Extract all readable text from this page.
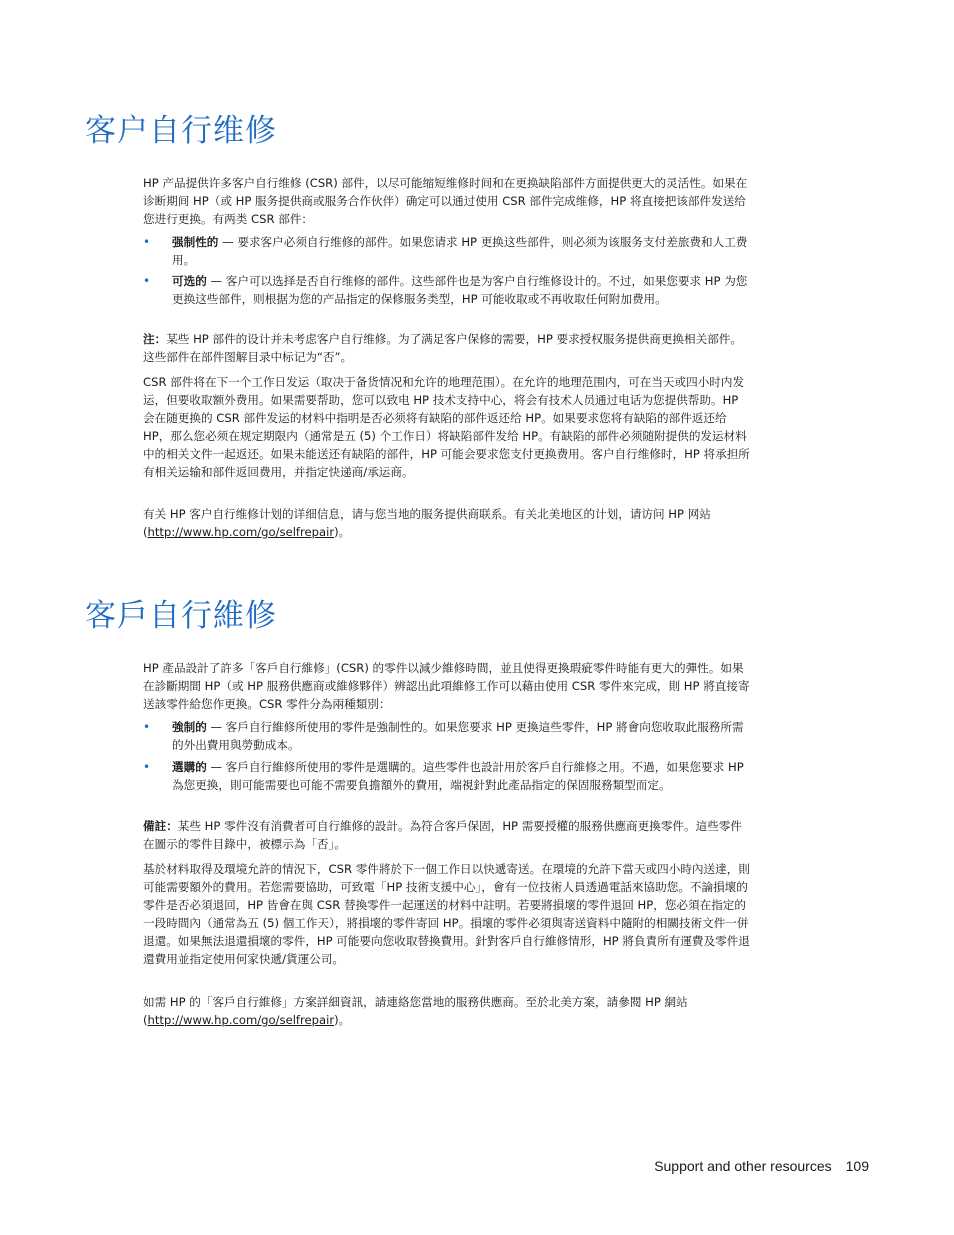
客户自行维修

HP 产品提供许多客户自行维修 (CSR) 部件，以尽可能缩短维修时间和在更换缺陷部件方面提供更大的灵活性。如果在诊断期间 HP（或 HP 服务提供商或服务合作伙伴）确定可以通过使用 CSR 部件完成维修，HP 将直接把该部件发送给您进行更换。有两类 CSR 部件：

• 强制性的 — 要求客户必须自行维修的部件。如果您请求 HP 更换这些部件，则必须为该服务支付差旅费和人工费用。
• 可选的 — 客户可以选择是否自行维修的部件。这些部件也是为客户自行维修设计的。不过，如果您要求 HP 为您更换这些部件，则根据为您的产品指定的保修服务类型，HP 可能收取或不再收取任何附加费用。

注：某些 HP 部件的设计并未考虑客户自行维修。为了满足客户保修的需要，HP 要求授权服务提供商更换相关部件。这些部件在部件图解目录中标记为“否”。

CSR 部件将在下一个工作日发运（取决于备货情况和允许的地理范围）。在允许的地理范围内，可在当天或四小时内发运，但要收取额外费用。如果需要帮助，您可以致电 HP 技术支持中心，将会有技术人员通过电话为您提供帮助。HP 会在随更换的 CSR 部件发运的材料中指明是否必须将有缺陷的部件返还给 HP。如果要求您将有缺陷的部件返还给 HP，那么您必须在规定期限内（通常是五 (5) 个工作日）将缺陷部件发给 HP。有缺陷的部件必须随附提供的发运材料中的相关文件一起返还。如果未能送还有缺陷的部件，HP 可能会要求您支付更换费用。客户自行维修时，HP 将承担所有相关运输和部件返回费用，并指定快递商/承运商。

有关 HP 客户自行维修计划的详细信息，请与您当地的服务提供商联系。有关北美地区的计划，请访问 HP 网站 (http://www.hp.com/go/selfrepair)。

客戶自行維修

HP 產品設計了許多「客戶自行維修」(CSR) 的零件以減少維修時間，並且使得更換瑕疵零件時能有更大的彈性。如果在診斷期間 HP（或 HP 服務供應商或維修夥伴）辨認出此項維修工作可以藉由使用 CSR 零件來完成，則 HP 將直接寄送該零件給您作更換。CSR 零件分為兩種類別：

• 強制的 — 客戶自行維修所使用的零件是強制性的。如果您要求 HP 更換這些零件，HP 將會向您收取此服務所需的外出費用與勞動成本。
• 選購的 — 客戶自行維修所使用的零件是選購的。這些零件也設計用於客戶自行維修之用。不過，如果您要求 HP 為您更換，則可能需要也可能不需要負擔額外的費用，端視針對此產品指定的保固服務類型而定。

備註：某些 HP 零件沒有消費者可自行維修的設計。為符合客戶保固，HP 需要授權的服務供應商更換零件。這些零件在圖示的零件目錄中，被標示為「否」。

基於材料取得及環境允許的情況下，CSR 零件將於下一個工作日以快遞寄送。在環境的允許下當天或四小時內送達，則可能需要額外的費用。若您需要協助，可致電「HP 技術支援中心」，會有一位技術人員透過電話來協助您。不論損壞的零件是否必須退回，HP 皆會在與 CSR 替換零件一起運送的材料中註明。若要將損壞的零件退回 HP，您必須在指定的一段時間內（通常為五 (5) 個工作天），將損壞的零件寄回 HP。損壞的零件必須與寄送資料中隨附的相關技術文件一併退還。如果無法退還損壞的零件，HP 可能要向您收取替換費用。針對客戶自行維修情形，HP 將負責所有運費及零件退還費用並指定使用何家快遞/貨運公司。

如需 HP 的「客戶自行維修」方案詳細資訊，請連絡您當地的服務供應商。至於北美方案，請參閱 HP 網站 (http://www.hp.com/go/selfrepair)。

Support and other resources 109
